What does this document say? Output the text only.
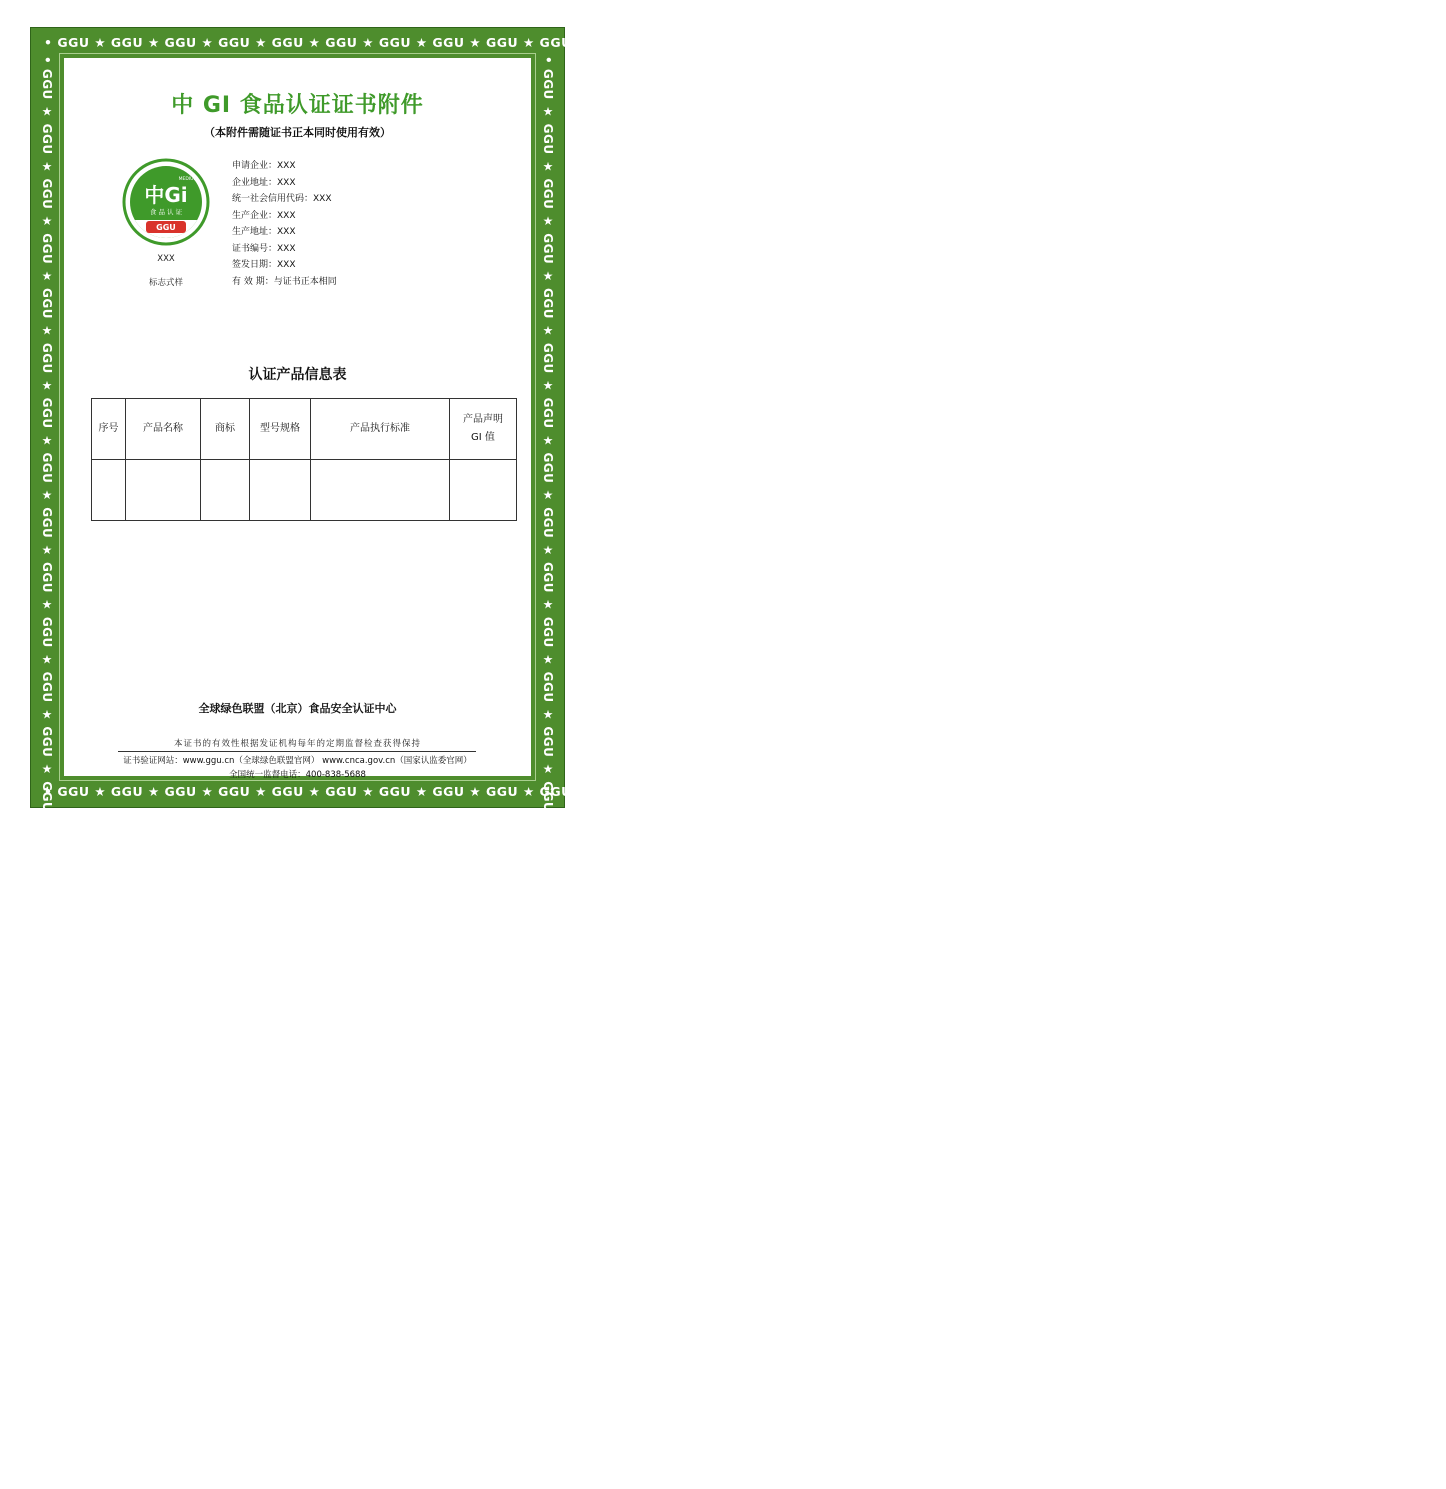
• GGU ★ GGU ★ GGU ★ GGU ★ GGU ★ GGU ★ GGU ★ GGU ★ GGU ★ GGU ★ GGU ★ GGU ★ GGU ★ GGU ★ GGU ★ GGU ★ GGU ★ GGU ★ GGU ★ GGU ★ GGU ★ GGU ★ GGU ★ GGU ★ GGU ★ GGU ★
• GGU ★ GGU ★ GGU ★ GGU ★ GGU ★ GGU ★ GGU ★ GGU ★ GGU ★ GGU ★ GGU ★ GGU ★ GGU ★ GGU ★ GGU ★ GGU ★ GGU ★ GGU ★ GGU ★ GGU ★ GGU ★ GGU ★ GGU ★ GGU ★ GGU ★ GGU ★
• GGU ★ GGU ★ GGU ★ GGU ★ GGU ★ GGU ★ GGU ★ GGU ★ GGU ★ GGU ★ GGU ★ GGU ★ GGU ★ GGU ★ GGU ★ GGU ★ GGU ★ GGU ★ GGU ★ GGU ★ GGU ★ GGU ★ GGU ★ GGU ★ GGU ★ GGU ★	• GGU ★ GGU ★ GGU ★ GGU ★ GGU ★ GGU ★ GGU ★ GGU ★ GGU ★ GGU ★ GGU ★ GGU ★ GGU ★ GGU ★ GGU ★ GGU ★ GGU ★ GGU ★ GGU ★ GGU ★ GGU ★ GGU ★ GGU ★ GGU ★ GGU ★ GGU ★
中 GI 食品认证证书附件
（本附件需随证书正本同时使用有效）
MEDIUM
中Gi
食 品 认 证
GGU
XXX
标志式样
申请企业：XXX
企业地址：XXX
统一社会信用代码：XXX
生产企业：XXX
生产地址：XXX
证书编号：XXX
签发日期：XXX
有 效 期：与证书正本相同
认证产品信息表
序号	产品名称	商标	型号规格	产品执行标准	产品声明
GI 值

全球绿色联盟（北京）食品安全认证中心
本证书的有效性根据发证机构每年的定期监督检查获得保持
证书验证网站：www.ggu.cn（全球绿色联盟官网） www.cnca.gov.cn（国家认监委官网）
全国统一监督电话：400-838-5688
